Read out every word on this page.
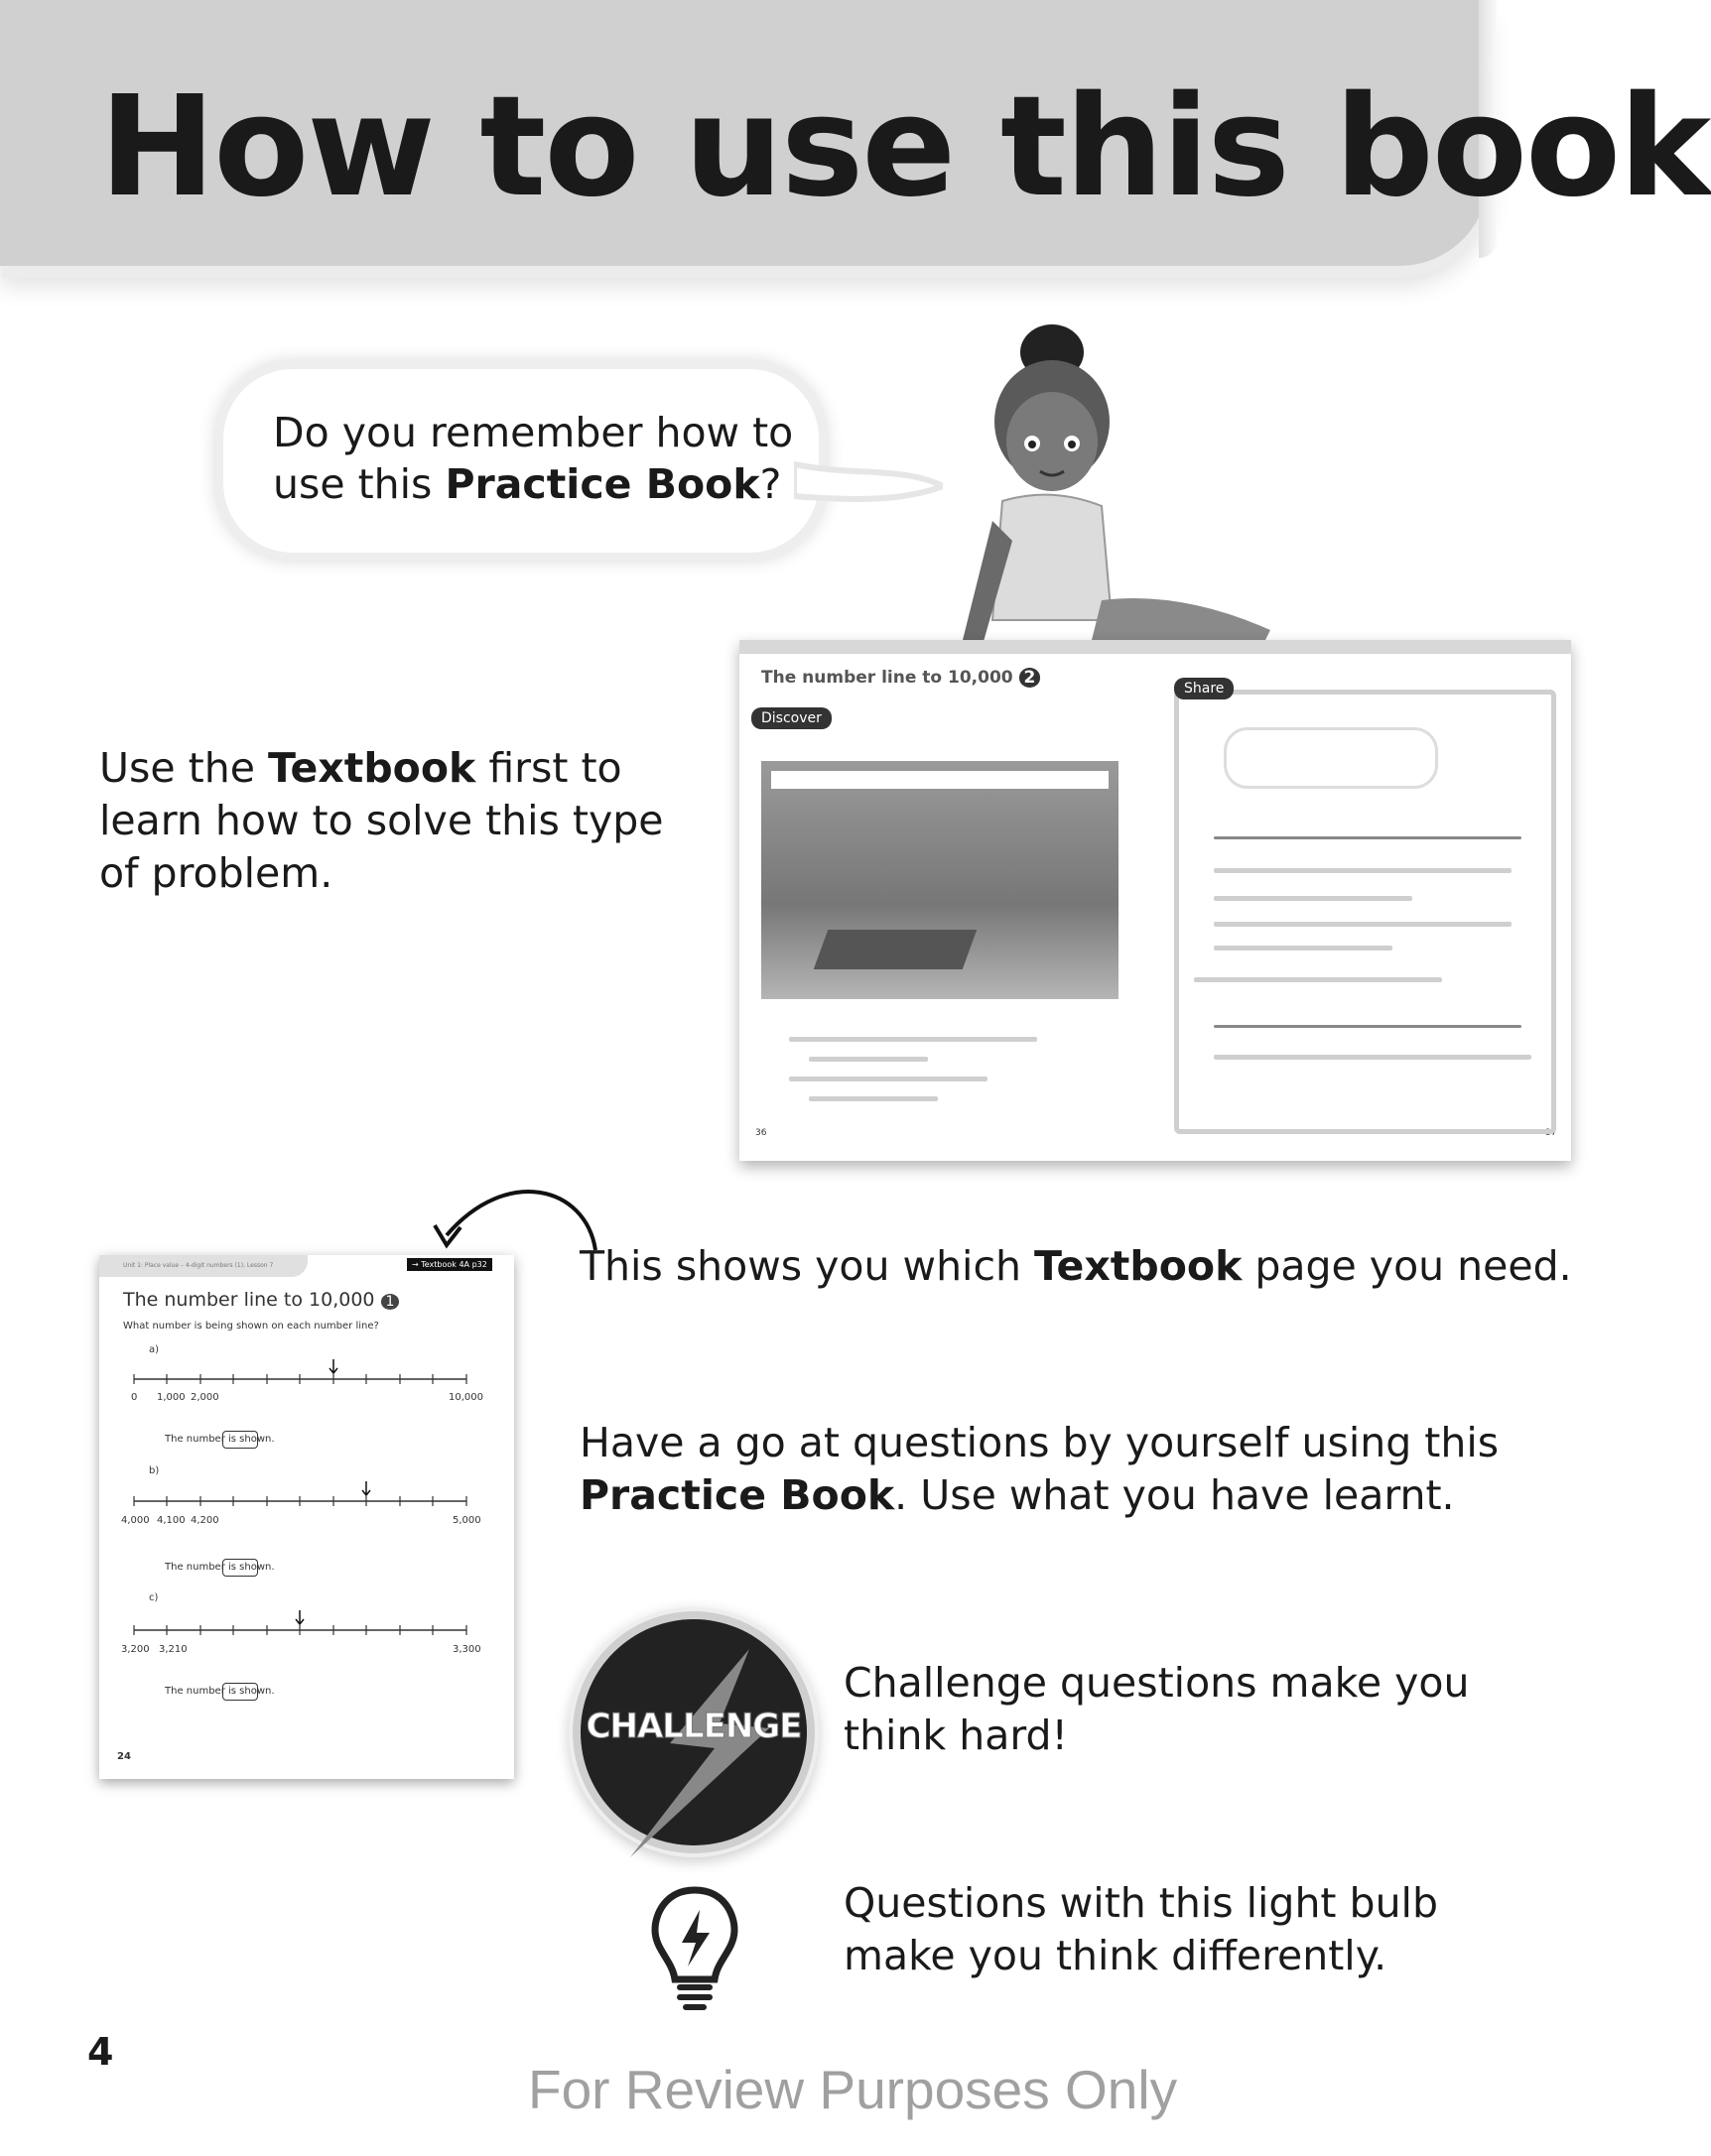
How to use this book
Do you remember how to
use this Practice Book?
Use the Textbook first to learn how to solve this type of problem.
The number line to 10,000 2
Discover
36	37
Share
Unit 1: Place value – 4-digit numbers (1), Lesson 7	→ Textbook 4A p32
The number line to 10,000 1
What number is being shown on each number line?
a)
0 1,000 2,000	10,000
The number is shown.
b)
4,000 4,100 4,200	5,000
The number is shown.
c)
3,200 3,210	3,300
The number is shown.
24
This shows you which Textbook page you need.
Have a go at questions by yourself using this Practice Book. Use what you have learnt.
CHALLENGE
Challenge questions make you think hard!
Questions with this light bulb make you think differently.
4
For Review Purposes Only
